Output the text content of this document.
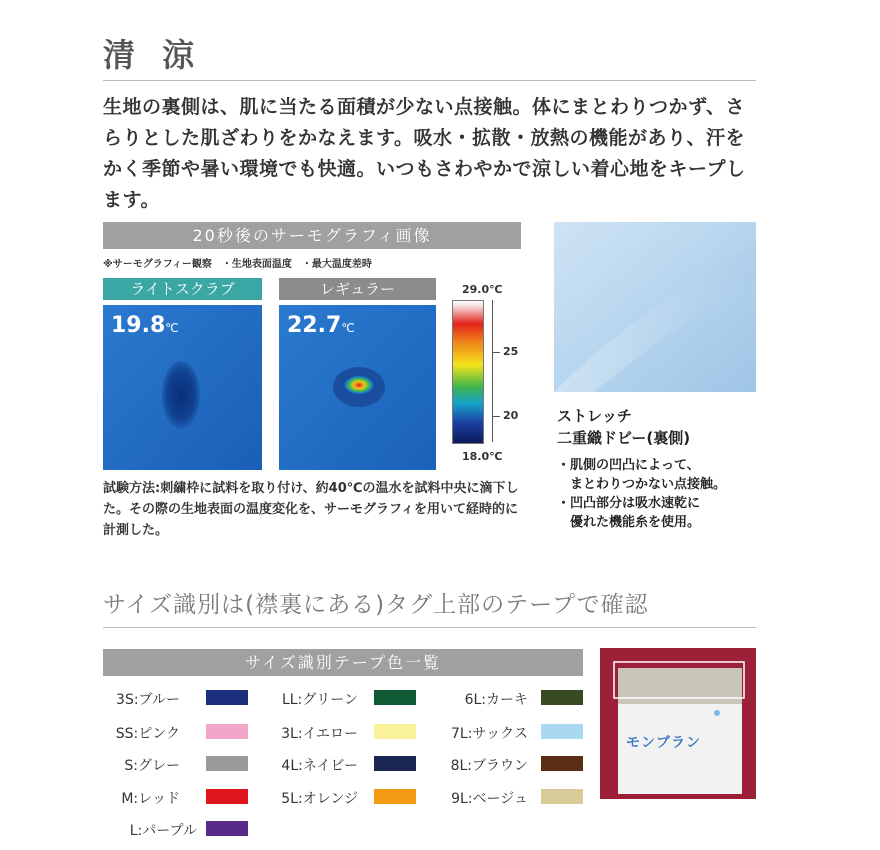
清 涼
生地の裏側は、肌に当たる面積が少ない点接触。体にまとわりつかず、さらりとした肌ざわりをかなえます。吸水・拡散・放熱の機能があり、汗をかく季節や暑い環境でも快適。いつもさわやかで涼しい着心地をキープします。
20秒後のサーモグラフィ画像
※サーモグラフィー観察　・生地表面温度　・最大温度差時
ライトスクラブ
19.8℃
レギュラー
22.7℃
29.0℃
25
20
18.0℃
試験方法:刺繍枠に試料を取り付け、約40℃の温水を試料中央に滴下した。その際の生地表面の温度変化を、サーモグラフィを用いて経時的に計測した。
ストレッチ
二重織ドビー(裏側)
・肌側の凹凸によって、
　まとわりつかない点接触。
・凹凸部分は吸水速乾に
　優れた機能糸を使用。
サイズ識別は(襟裏にある)タグ上部のテープで確認
サイズ識別テープ色一覧
3S:ブルー
SS:ピンク
S:グレー
M:レッド
L:パープル
LL:グリーン
3L:イエロー
4L:ネイビー
5L:オレンジ
6L:カーキ
7L:サックス
8L:ブラウン
9L:ベージュ
モンブラン
